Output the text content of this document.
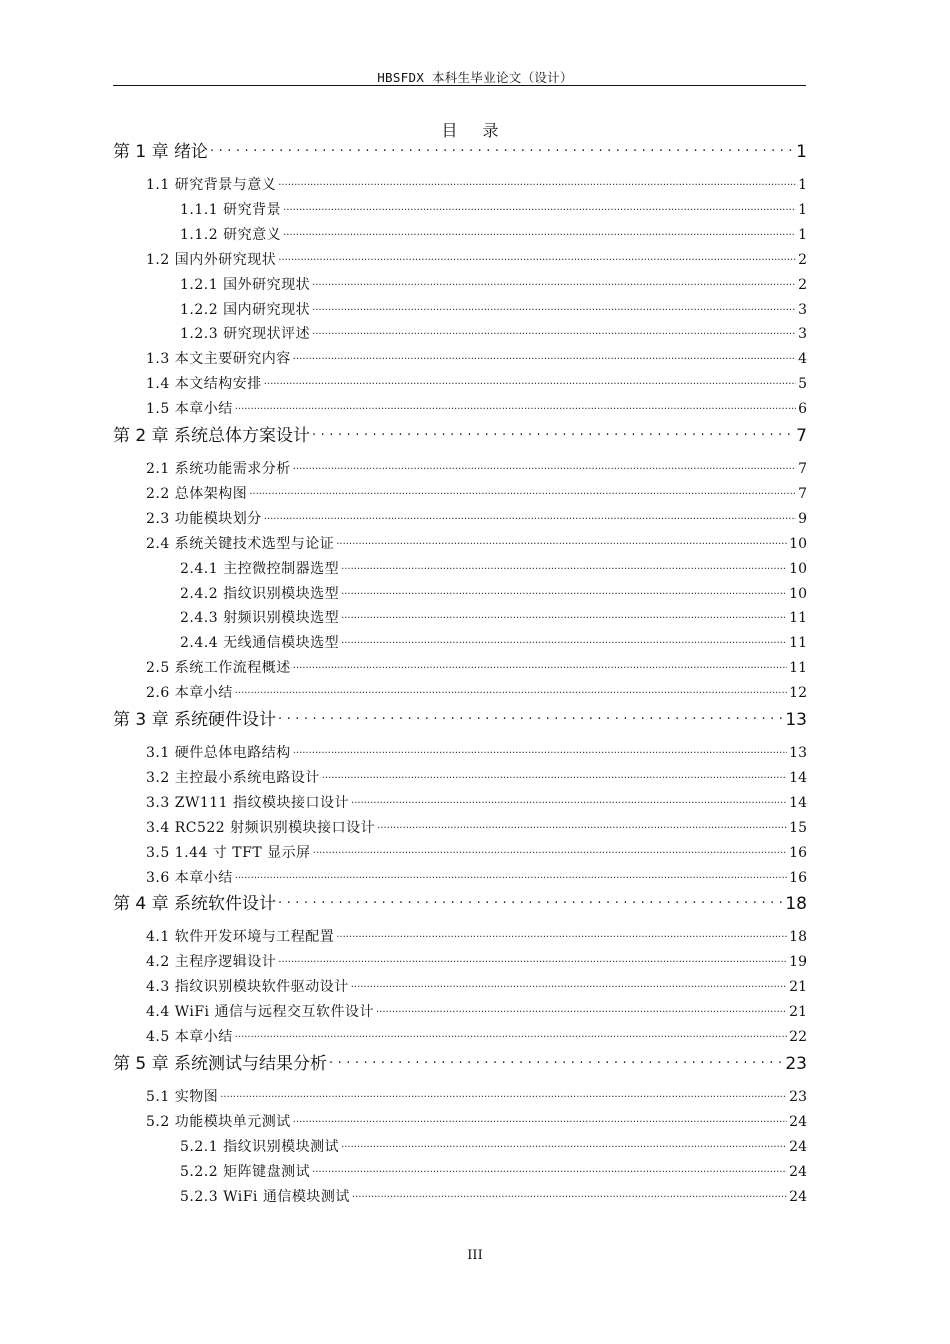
HBSFDX 本科生毕业论文（设计）
目 录
第 1 章 绪论 .....	1
1.1 研究背景与意义 .....	1
1.1.1 研究背景 .....	1
1.1.2 研究意义 .....	1
1.2 国内外研究现状 .....	2
1.2.1 国外研究现状 .....	2
1.2.2 国内研究现状 .....	3
1.2.3 研究现状评述 .....	3
1.3 本文主要研究内容 .....	4
1.4 本文结构安排 .....	5
1.5 本章小结 .....	6
第 2 章 系统总体方案设计 .....	7
2.1 系统功能需求分析 .....	7
2.2 总体架构图 .....	7
2.3 功能模块划分 .....	9
2.4 系统关键技术选型与论证 .....	10
2.4.1 主控微控制器选型 .....	10
2.4.2 指纹识别模块选型 .....	10
2.4.3 射频识别模块选型 .....	11
2.4.4 无线通信模块选型 .....	11
2.5 系统工作流程概述 .....	11
2.6 本章小结 .....	12
第 3 章 系统硬件设计 .....	13
3.1 硬件总体电路结构 .....	13
3.2 主控最小系统电路设计 .....	14
3.3 ZW111 指纹模块接口设计 .....	14
3.4 RC522 射频识别模块接口设计 .....	15
3.5 1.44 寸 TFT 显示屏 .....	16
3.6 本章小结 .....	16
第 4 章 系统软件设计 .....	18
4.1 软件开发环境与工程配置 .....	18
4.2 主程序逻辑设计 .....	19
4.3 指纹识别模块软件驱动设计 .....	21
4.4 WiFi 通信与远程交互软件设计 .....	21
4.5 本章小结 .....	22
第 5 章 系统测试与结果分析 .....	23
5.1 实物图 .....	23
5.2 功能模块单元测试 .....	24
5.2.1 指纹识别模块测试 .....	24
5.2.2 矩阵键盘测试 .....	24
5.2.3 WiFi 通信模块测试 .....	24
III
